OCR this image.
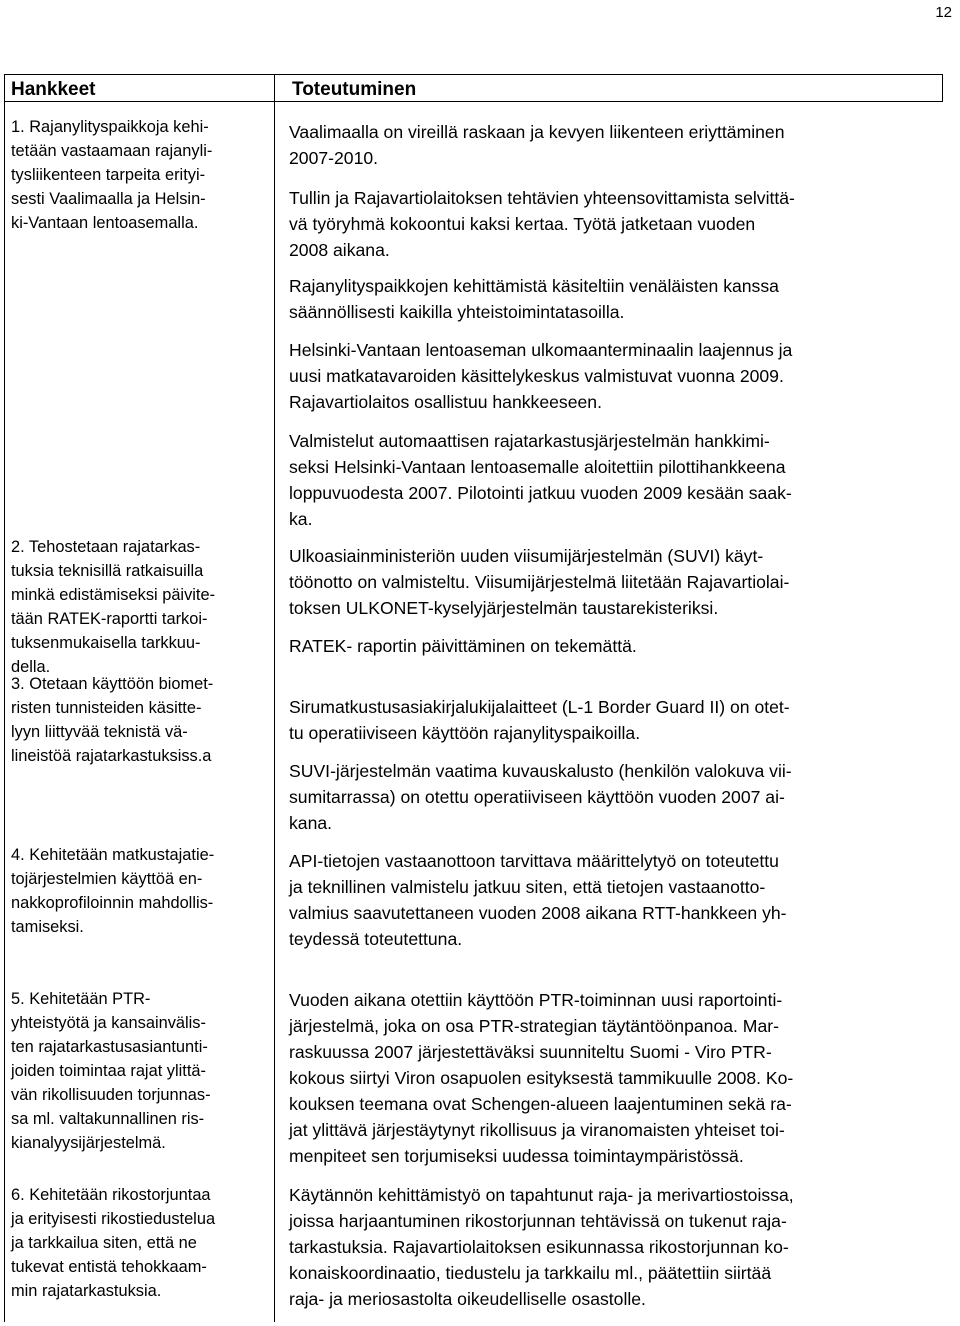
12
Hankkeet	Toteutuminen
1. Rajanylityspaikkoja kehi-
tetään vastaamaan rajanyli-
tysliikenteen tarpeita erityi-
sesti Vaalimaalla ja Helsin-
ki-Vantaan lentoasemalla.
2. Tehostetaan rajatarkas-
tuksia teknisillä ratkaisuilla
minkä edistämiseksi päivite-
tään RATEK-raportti tarkoi-
tuksenmukaisella tarkkuu-
della.
3. Otetaan käyttöön biomet-
risten tunnisteiden käsitte-
lyyn liittyvää teknistä vä-
lineistöä rajatarkastuksiss.a
4. Kehitetään matkustajatie-
tojärjestelmien käyttöä en-
nakkoprofiloinnin mahdollis-
tamiseksi.
5. Kehitetään PTR-
yhteistyötä ja kansainvälis-
ten rajatarkastusasiantunti-
joiden toimintaa rajat ylittä-
vän rikollisuuden torjunnas-
sa ml. valtakunnallinen ris-
kianalyysijärjestelmä.
6. Kehitetään rikostorjuntaa
ja erityisesti rikostiedustelua
ja tarkkailua siten, että ne
tukevat entistä tehokkaam-
min rajatarkastuksia.
Vaalimaalla on vireillä raskaan ja kevyen liikenteen eriyttäminen
2007-2010.
Tullin ja Rajavartiolaitoksen tehtävien yhteensovittamista selvittä-
vä työryhmä kokoontui kaksi kertaa. Työtä jatketaan vuoden
2008 aikana.
Rajanylityspaikkojen kehittämistä käsiteltiin venäläisten kanssa
säännöllisesti kaikilla yhteistoimintatasoilla.
Helsinki-Vantaan lentoaseman ulkomaanterminaalin laajennus ja
uusi matkatavaroiden käsittelykeskus valmistuvat vuonna 2009.
Rajavartiolaitos osallistuu hankkeeseen.
Valmistelut automaattisen rajatarkastusjärjestelmän hankkimi-
seksi Helsinki-Vantaan lentoasemalle aloitettiin pilottihankkeena
loppuvuodesta 2007. Pilotointi jatkuu vuoden 2009 kesään saak-
ka.
Ulkoasiainministeriön uuden viisumijärjestelmän (SUVI) käyt-
töönotto on valmisteltu. Viisumijärjestelmä liitetään Rajavartiolai-
toksen ULKONET-kyselyjärjestelmän taustarekisteriksi.
RATEK- raportin päivittäminen on tekemättä.
Sirumatkustusasiakirjalukijalaitteet (L-1 Border Guard II) on otet-
tu operatiiviseen käyttöön rajanylityspaikoilla.
SUVI-järjestelmän vaatima kuvauskalusto (henkilön valokuva vii-
sumitarrassa) on otettu operatiiviseen käyttöön vuoden 2007 ai-
kana.
API-tietojen vastaanottoon tarvittava määrittelytyö on toteutettu
ja teknillinen valmistelu jatkuu siten, että tietojen vastaanotto-
valmius saavutettaneen vuoden 2008 aikana RTT-hankkeen yh-
teydessä toteutettuna.
Vuoden aikana otettiin käyttöön PTR-toiminnan uusi raportointi-
järjestelmä, joka on osa PTR-strategian täytäntöönpanoa. Mar-
raskuussa 2007 järjestettäväksi suunniteltu Suomi - Viro PTR-
kokous siirtyi Viron osapuolen esityksestä tammikuulle 2008. Ko-
kouksen teemana ovat Schengen-alueen laajentuminen sekä ra-
jat ylittävä järjestäytynyt rikollisuus ja viranomaisten yhteiset toi-
menpiteet sen torjumiseksi uudessa toimintaympäristössä.
Käytännön kehittämistyö on tapahtunut raja- ja merivartiostoissa,
joissa harjaantuminen rikostorjunnan tehtävissä on tukenut raja-
tarkastuksia. Rajavartiolaitoksen esikunnassa rikostorjunnan ko-
konaiskoordinaatio, tiedustelu ja tarkkailu ml., päätettiin siirtää
raja- ja meriosastolta oikeudelliselle osastolle.
